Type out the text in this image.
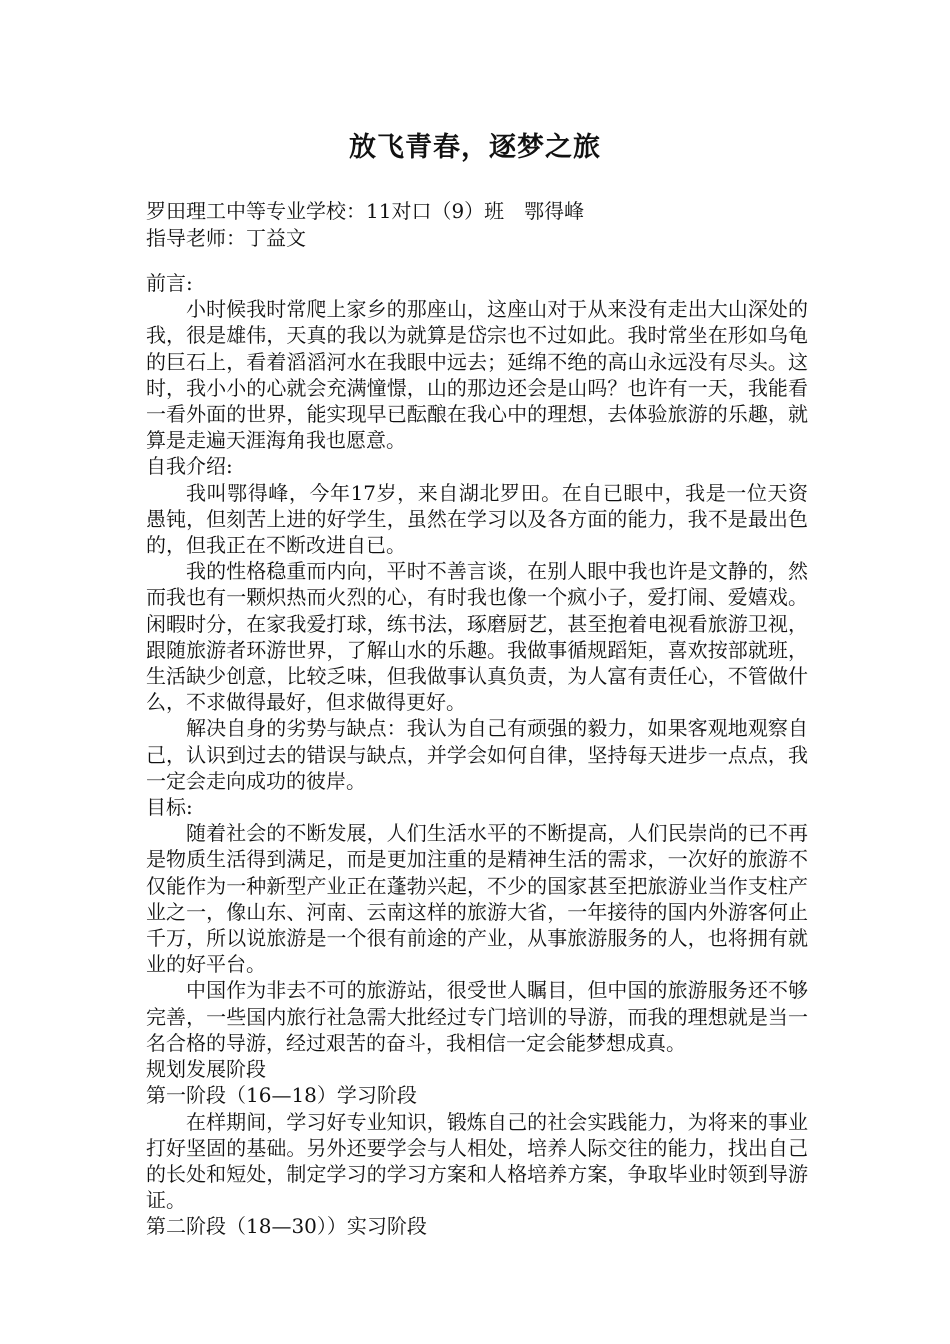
放飞青春，逐梦之旅
罗田理工中等专业学校：11对口（9）班　鄂得峰
指导老师：丁益文

前言:

小时候我时常爬上家乡的那座山，这座山对于从来没有走出大山深处的我，很是雄伟，天真的我以为就算是岱宗也不过如此。我时常坐在形如乌龟的巨石上，看着滔滔河水在我眼中远去；延绵不绝的高山永远没有尽头。这时，我小小的心就会充满憧憬，山的那边还会是山吗？也许有一天，我能看一看外面的世界，能实现早已酝酿在我心中的理想，去体验旅游的乐趣，就算是走遍天涯海角我也愿意。

自我介绍:

我叫鄂得峰，今年17岁，来自湖北罗田。在自已眼中，我是一位天资愚钝，但刻苦上进的好学生，虽然在学习以及各方面的能力，我不是最出色的，但我正在不断改进自已。

我的性格稳重而内向，平时不善言谈，在别人眼中我也许是文静的，然而我也有一颗炽热而火烈的心，有时我也像一个疯小子，爱打闹、爱嬉戏。闲暇时分，在家我爱打球，练书法，琢磨厨艺，甚至抱着电视看旅游卫视，跟随旅游者环游世界，了解山水的乐趣。我做事循规蹈矩，喜欢按部就班，生活缺少创意，比较乏味，但我做事认真负责，为人富有责任心，不管做什么，不求做得最好，但求做得更好。

解决自身的劣势与缺点：我认为自己有顽强的毅力，如果客观地观察自己，认识到过去的错误与缺点，并学会如何自律，坚持每天进步一点点，我一定会走向成功的彼岸。

目标:

随着社会的不断发展，人们生活水平的不断提高，人们民崇尚的已不再是物质生活得到满足，而是更加注重的是精神生活的需求，一次好的旅游不仅能作为一种新型产业正在蓬勃兴起，不少的国家甚至把旅游业当作支柱产业之一，像山东、河南、云南这样的旅游大省，一年接待的国内外游客何止千万，所以说旅游是一个很有前途的产业，从事旅游服务的人，也将拥有就业的好平台。

中国作为非去不可的旅游站，很受世人瞩目，但中国的旅游服务还不够完善，一些国内旅行社急需大批经过专门培训的导游，而我的理想就是当一名合格的导游，经过艰苦的奋斗，我相信一定会能梦想成真。

规划发展阶段

第一阶段（16—18）学习阶段

在样期间，学习好专业知识，锻炼自己的社会实践能力，为将来的事业打好坚固的基础。另外还要学会与人相处，培养人际交往的能力，找出自己的长处和短处，制定学习的学习方案和人格培养方案，争取毕业时领到导游证。

第二阶段（18—30））实习阶段
